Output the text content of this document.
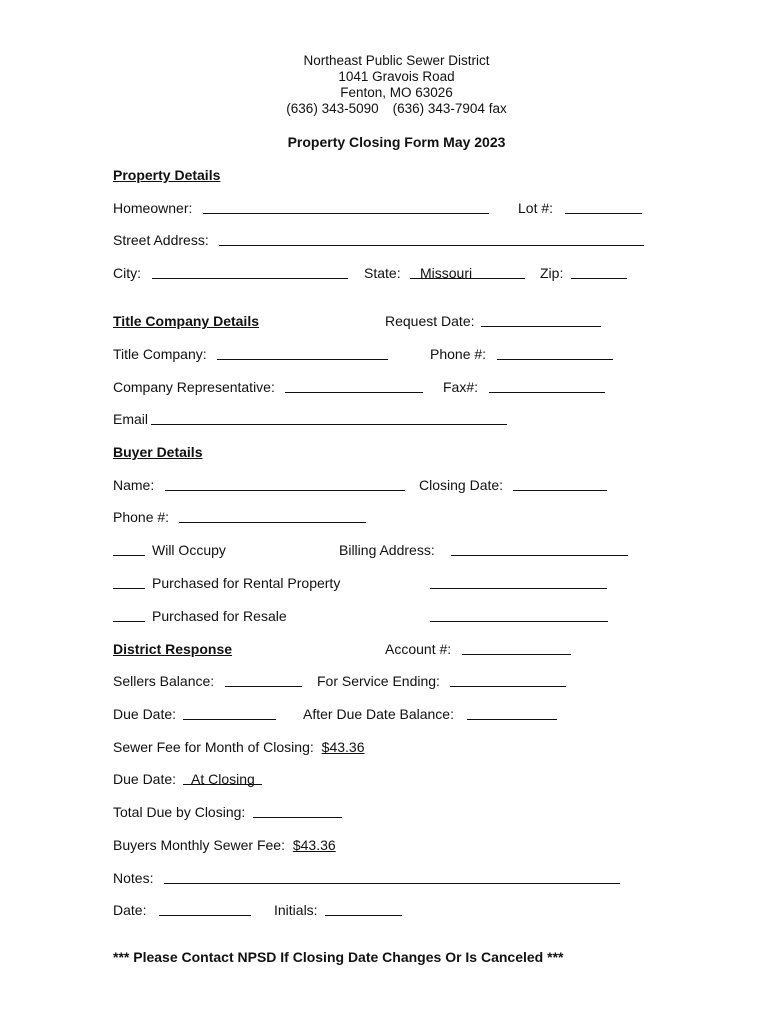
Northeast Public Sewer District
1041 Gravois Road
Fenton, MO 63026
(636) 343-5090 (636) 343-7904 fax
Property Closing Form May 2023
Property Details
Homeowner:	Lot #:
Street Address:
City:	State: Missouri	Zip:
Title Company Details	Request Date:
Title Company:	Phone #:
Company Representative:	Fax#:
Email
Buyer Details
Name:	Closing Date:
Phone #:
Will Occupy	Billing Address:
Purchased for Rental Property
Purchased for Resale
District Response	Account #:
Sellers Balance:	For Service Ending:
Due Date:	After Due Date Balance:
Sewer Fee for Month of Closing: $43.36
Due Date: At Closing
Total Due by Closing:
Buyers Monthly Sewer Fee: $43.36
Notes:
Date:	Initials:
*** Please Contact NPSD If Closing Date Changes Or Is Canceled ***
